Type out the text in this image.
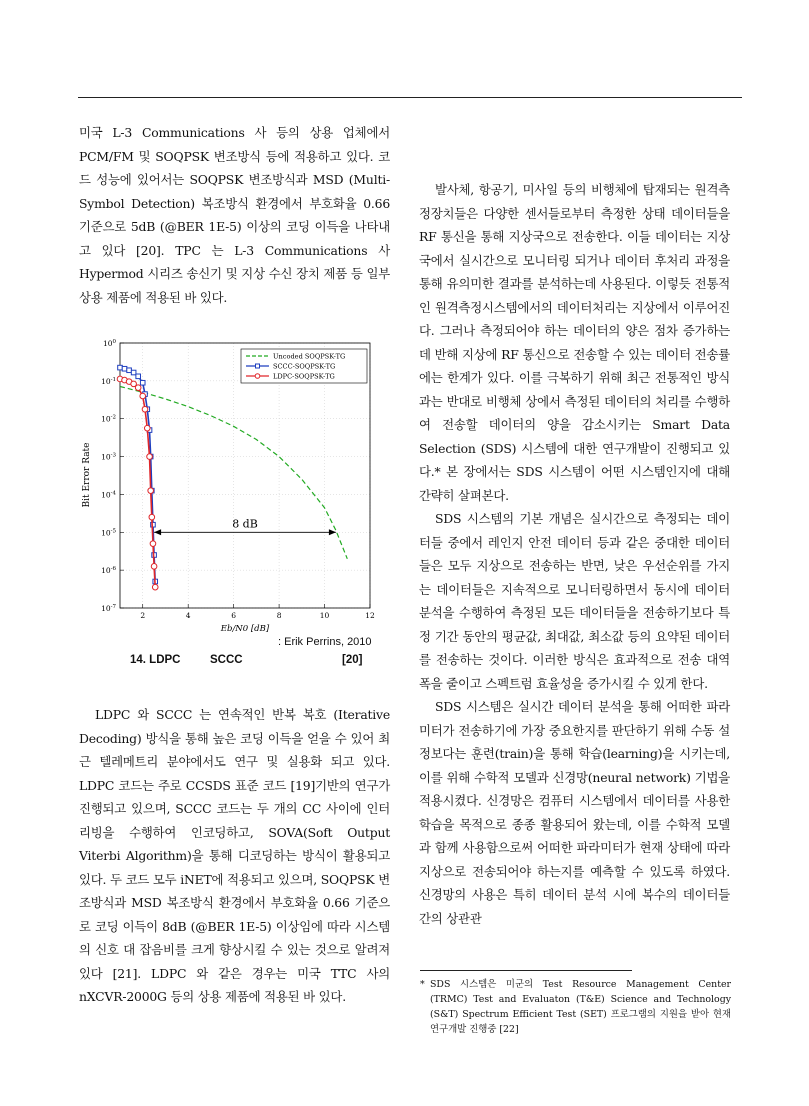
미국 L-3 Communications 사 등의 상용 업체에서 PCM/FM 및 SOQPSK 변조방식 등에 적용하고 있다. 코드 성능에 있어서는 SOQPSK 변조방식과 MSD (Multi-Symbol Detection) 복조방식 환경에서 부호화율 0.66 기준으로 5dB (@BER 1E-5) 이상의 코딩 이득을 나타내고 있다 [20]. TPC 는 L-3 Communications 사 Hypermod 시리즈 송신기 및 지상 수신 장치 제품 등 일부 상용 제품에 적용된 바 있다.

2	4	6	8	10	12
$10^0$
$10^{-1}$
$10^{-2}$
$10^{-3}$
$10^{-4}$
$10^{-5}$
$10^{-6}$
$10^{-7}$
8 dB
Bit Error Rate
Eb/N0 [dB]
Uncoded SOQPSK-TG
SCCC-SOQPSK-TG
LDPC-SOQPSK-TG
: Erik Perrins, 2010
14. LDPC	SCCC	[20]

LDPC 와 SCCC 는 연속적인 반복 복호 (Iterative Decoding) 방식을 통해 높은 코딩 이득을 얻을 수 있어 최근 텔레메트리 분야에서도 연구 및 실용화 되고 있다. LDPC 코드는 주로 CCSDS 표준 코드 [19]기반의 연구가 진행되고 있으며, SCCC 코드는 두 개의 CC 사이에 인터리빙을 수행하여 인코딩하고, SOVA(Soft Output Viterbi Algorithm)을 통해 디코딩하는 방식이 활용되고 있다. 두 코드 모두 iNET에 적용되고 있으며, SOQPSK 변조방식과 MSD 복조방식 환경에서 부호화율 0.66 기준으로 코딩 이득이 8dB (@BER 1E-5) 이상임에 따라 시스템의 신호 대 잡음비를 크게 향상시킬 수 있는 것으로 알려져 있다 [21]. LDPC 와 같은 경우는 미국 TTC 사의 nXCVR-2000G 등의 상용 제품에 적용된 바 있다.

발사체, 항공기, 미사일 등의 비행체에 탑재되는 원격측정장치들은 다양한 센서들로부터 측정한 상태 데이터들을 RF 통신을 통해 지상국으로 전송한다. 이들 데이터는 지상국에서 실시간으로 모니터링 되거나 데이터 후처리 과정을 통해 유의미한 결과를 분석하는데 사용된다. 이렇듯 전통적인 원격측정시스템에서의 데이터처리는 지상에서 이루어진다. 그러나 측정되어야 하는 데이터의 양은 점차 증가하는데 반해 지상에 RF 통신으로 전송할 수 있는 데이터 전송률에는 한계가 있다. 이를 극복하기 위해 최근 전통적인 방식과는 반대로 비행체 상에서 측정된 데이터의 처리를 수행하여 전송할 데이터의 양을 감소시키는 Smart Data Selection (SDS) 시스템에 대한 연구개발이 진행되고 있다.* 본 장에서는 SDS 시스템이 어떤 시스템인지에 대해 간략히 살펴본다.

SDS 시스템의 기본 개념은 실시간으로 측정되는 데이터들 중에서 레인지 안전 데이터 등과 같은 중대한 데이터들은 모두 지상으로 전송하는 반면, 낮은 우선순위를 가지는 데이터들은 지속적으로 모니터링하면서 동시에 데이터 분석을 수행하여 측정된 모든 데이터들을 전송하기보다 특정 기간 동안의 평균값, 최대값, 최소값 등의 요약된 데이터를 전송하는 것이다. 이러한 방식은 효과적으로 전송 대역폭을 줄이고 스펙트럼 효율성을 증가시킬 수 있게 한다.

SDS 시스템은 실시간 데이터 분석을 통해 어떠한 파라미터가 전송하기에 가장 중요한지를 판단하기 위해 수동 설정보다는 훈련(train)을 통해 학습(learning)을 시키는데, 이를 위해 수학적 모델과 신경망(neural network) 기법을 적용시켰다. 신경망은 컴퓨터 시스템에서 데이터를 사용한 학습을 목적으로 종종 활용되어 왔는데, 이를 수학적 모델과 함께 사용함으로써 어떠한 파라미터가 현재 상태에 따라 지상으로 전송되어야 하는지를 예측할 수 있도록 하였다. 신경망의 사용은 특히 데이터 분석 시에 복수의 데이터들 간의 상관관

* SDS 시스템은 미군의 Test Resource Management Center (TRMC) Test and Evaluaton (T&E) Science and Technology (S&T) Spectrum Efficient Test (SET) 프로그램의 지원을 받아 현재 연구개발 진행중 [22]
